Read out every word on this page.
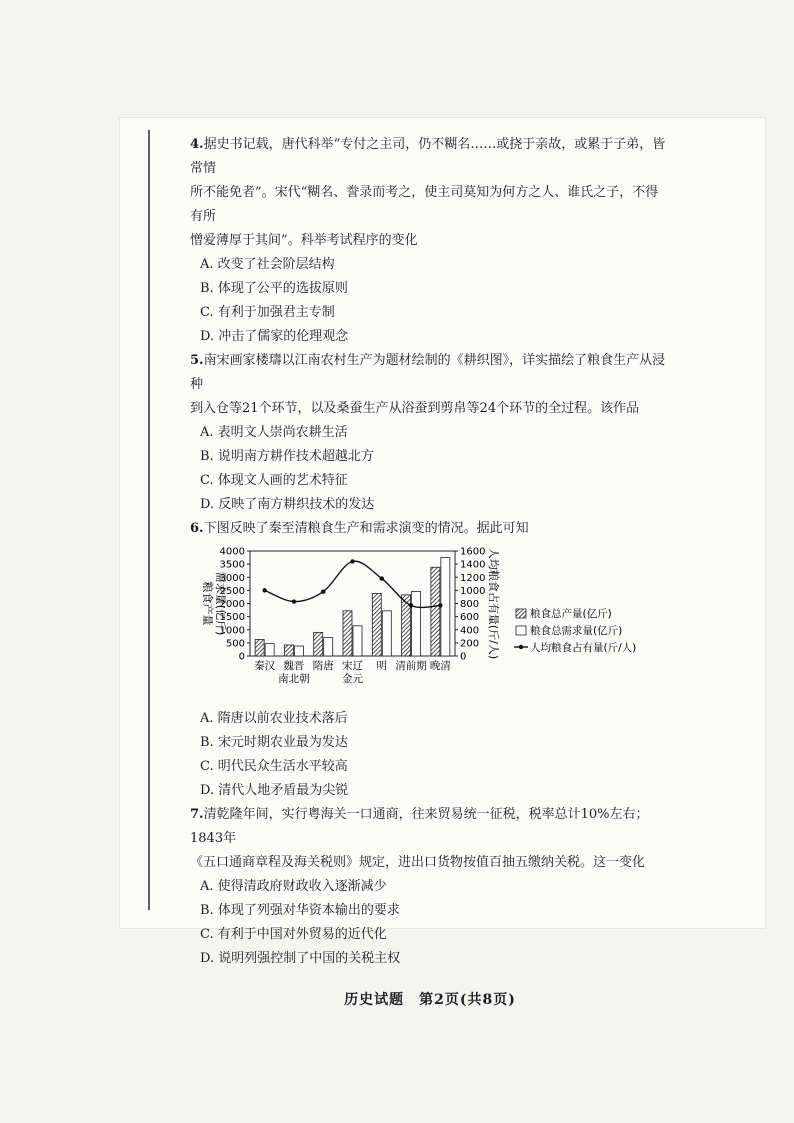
4.据史书记载，唐代科举“专付之主司，仍不糊名……或挠于亲故，或累于子弟，皆常情

所不能免者”。宋代“糊名、誊录而考之，使主司莫知为何方之人、谁氏之子，不得有所

憎爱薄厚于其间”。科举考试程序的变化

A. 改变了社会阶层结构

B. 体现了公平的选拔原则

C. 有利于加强君主专制

D. 冲击了儒家的伦理观念

5.南宋画家楼璹以江南农村生产为题材绘制的《耕织图》，详实描绘了粮食生产从浸种

到入仓等21个环节，以及桑蚕生产从浴蚕到剪帛等24个环节的全过程。该作品

A. 表明文人崇尚农耕生活

B. 说明南方耕作技术超越北方

C. 体现文人画的艺术特征

D. 反映了南方耕织技术的发达

6.下图反映了秦至清粮食生产和需求演变的情况。据此可知

0
500
1000
1500
2000
2500
3000
3500
4000
0
200
400
600
800
1000
1200
1400
1600
需求量(亿斤)
粮食产量	人均粮食占有量(斤/人)
秦汉 魏晋
南北朝
隋唐 宋辽
金元
明 清前期 晚清
粮食总产量(亿斤)
粮食总需求量(亿斤)
人均粮食占有量(斤/人)

A. 隋唐以前农业技术落后

B. 宋元时期农业最为发达

C. 明代民众生活水平较高

D. 清代人地矛盾最为尖锐

7.清乾隆年间，实行粤海关一口通商，往来贸易统一征税，税率总计10%左右；1843年

《五口通商章程及海关税则》规定，进出口货物按值百抽五缴纳关税。这一变化

A. 使得清政府财政收入逐渐减少

B. 体现了列强对华资本输出的要求

C. 有利于中国对外贸易的近代化

D. 说明列强控制了中国的关税主权

历史试题　第2页(共8页)
